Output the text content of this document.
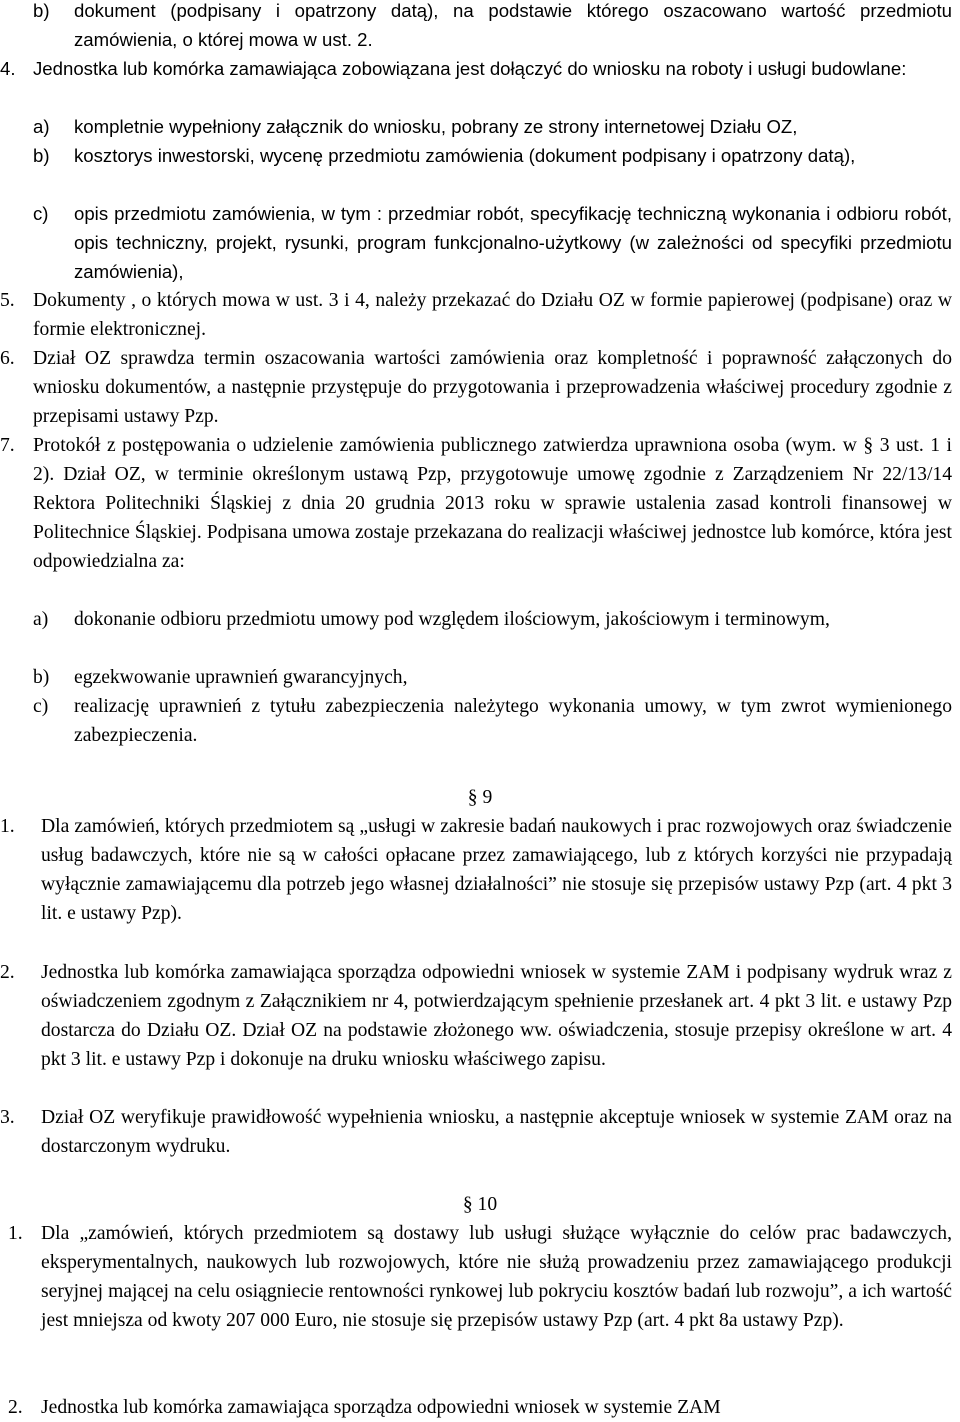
b) dokument (podpisany i opatrzony datą), na podstawie którego oszacowano wartość przedmiotu zamówienia, o której mowa w ust. 2.
4. Jednostka lub komórka zamawiająca zobowiązana jest dołączyć do wniosku na roboty i usługi budowlane:
a) kompletnie wypełniony załącznik do wniosku, pobrany ze strony internetowej Działu OZ,
b) kosztorys inwestorski, wycenę przedmiotu zamówienia (dokument podpisany i opatrzony datą),
c) opis przedmiotu zamówienia, w tym : przedmiar robót, specyfikację techniczną wykonania i odbioru robót, opis techniczny, projekt, rysunki, program funkcjonalno-użytkowy (w zależności od specyfiki przedmiotu zamówienia),
5. Dokumenty , o których mowa w ust. 3 i 4, należy przekazać do Działu OZ w formie papierowej (podpisane) oraz w formie elektronicznej.
6. Dział OZ sprawdza termin oszacowania wartości zamówienia oraz kompletność i poprawność załączonych do wniosku dokumentów, a następnie przystępuje do przygotowania i przeprowadzenia właściwej procedury zgodnie z przepisami ustawy Pzp.
7. Protokół z postępowania o udzielenie zamówienia publicznego zatwierdza uprawniona osoba (wym. w § 3 ust. 1 i 2). Dział OZ, w terminie określonym ustawą Pzp, przygotowuje umowę zgodnie z Zarządzeniem Nr 22/13/14 Rektora Politechniki Śląskiej z dnia 20 grudnia 2013 roku w sprawie ustalenia zasad kontroli finansowej w Politechnice Śląskiej. Podpisana umowa zostaje przekazana do realizacji właściwej jednostce lub komórce, która jest odpowiedzialna za:
a) dokonanie odbioru przedmiotu umowy pod względem ilościowym, jakościowym i terminowym,
b) egzekwowanie uprawnień gwarancyjnych,
c) realizację uprawnień z tytułu zabezpieczenia należytego wykonania umowy, w tym zwrot wymienionego zabezpieczenia.
§ 9
1. Dla zamówień, których przedmiotem są „usługi w zakresie badań naukowych i prac rozwojowych oraz świadczenie usług badawczych, które nie są w całości opłacane przez zamawiającego, lub z których korzyści nie przypadają wyłącznie zamawiającemu dla potrzeb jego własnej działalności” nie stosuje się przepisów ustawy Pzp (art. 4 pkt 3 lit. e ustawy Pzp).
2. Jednostka lub komórka zamawiająca sporządza odpowiedni wniosek w systemie ZAM i podpisany wydruk wraz z oświadczeniem zgodnym z Załącznikiem nr 4, potwierdzającym spełnienie przesłanek art. 4 pkt 3 lit. e ustawy Pzp dostarcza do Działu OZ. Dział OZ na podstawie złożonego ww. oświadczenia, stosuje przepisy określone w art. 4 pkt 3 lit. e ustawy Pzp i dokonuje na druku wniosku właściwego zapisu.
3. Dział OZ weryfikuje prawidłowość wypełnienia wniosku, a następnie akceptuje wniosek w systemie ZAM oraz na dostarczonym wydruku.
§ 10
1. Dla „zamówień, których przedmiotem są dostawy lub usługi służące wyłącznie do celów prac badawczych, eksperymentalnych, naukowych lub rozwojowych, które nie służą prowadzeniu przez zamawiającego produkcji seryjnej mającej na celu osiągniecie rentowności rynkowej lub pokryciu kosztów badań lub rozwoju”, a ich wartość jest mniejsza od kwoty 207 000 Euro, nie stosuje się przepisów ustawy Pzp (art. 4 pkt 8a ustawy Pzp).
2. Jednostka lub komórka zamawiająca sporządza odpowiedni wniosek w systemie ZAM
